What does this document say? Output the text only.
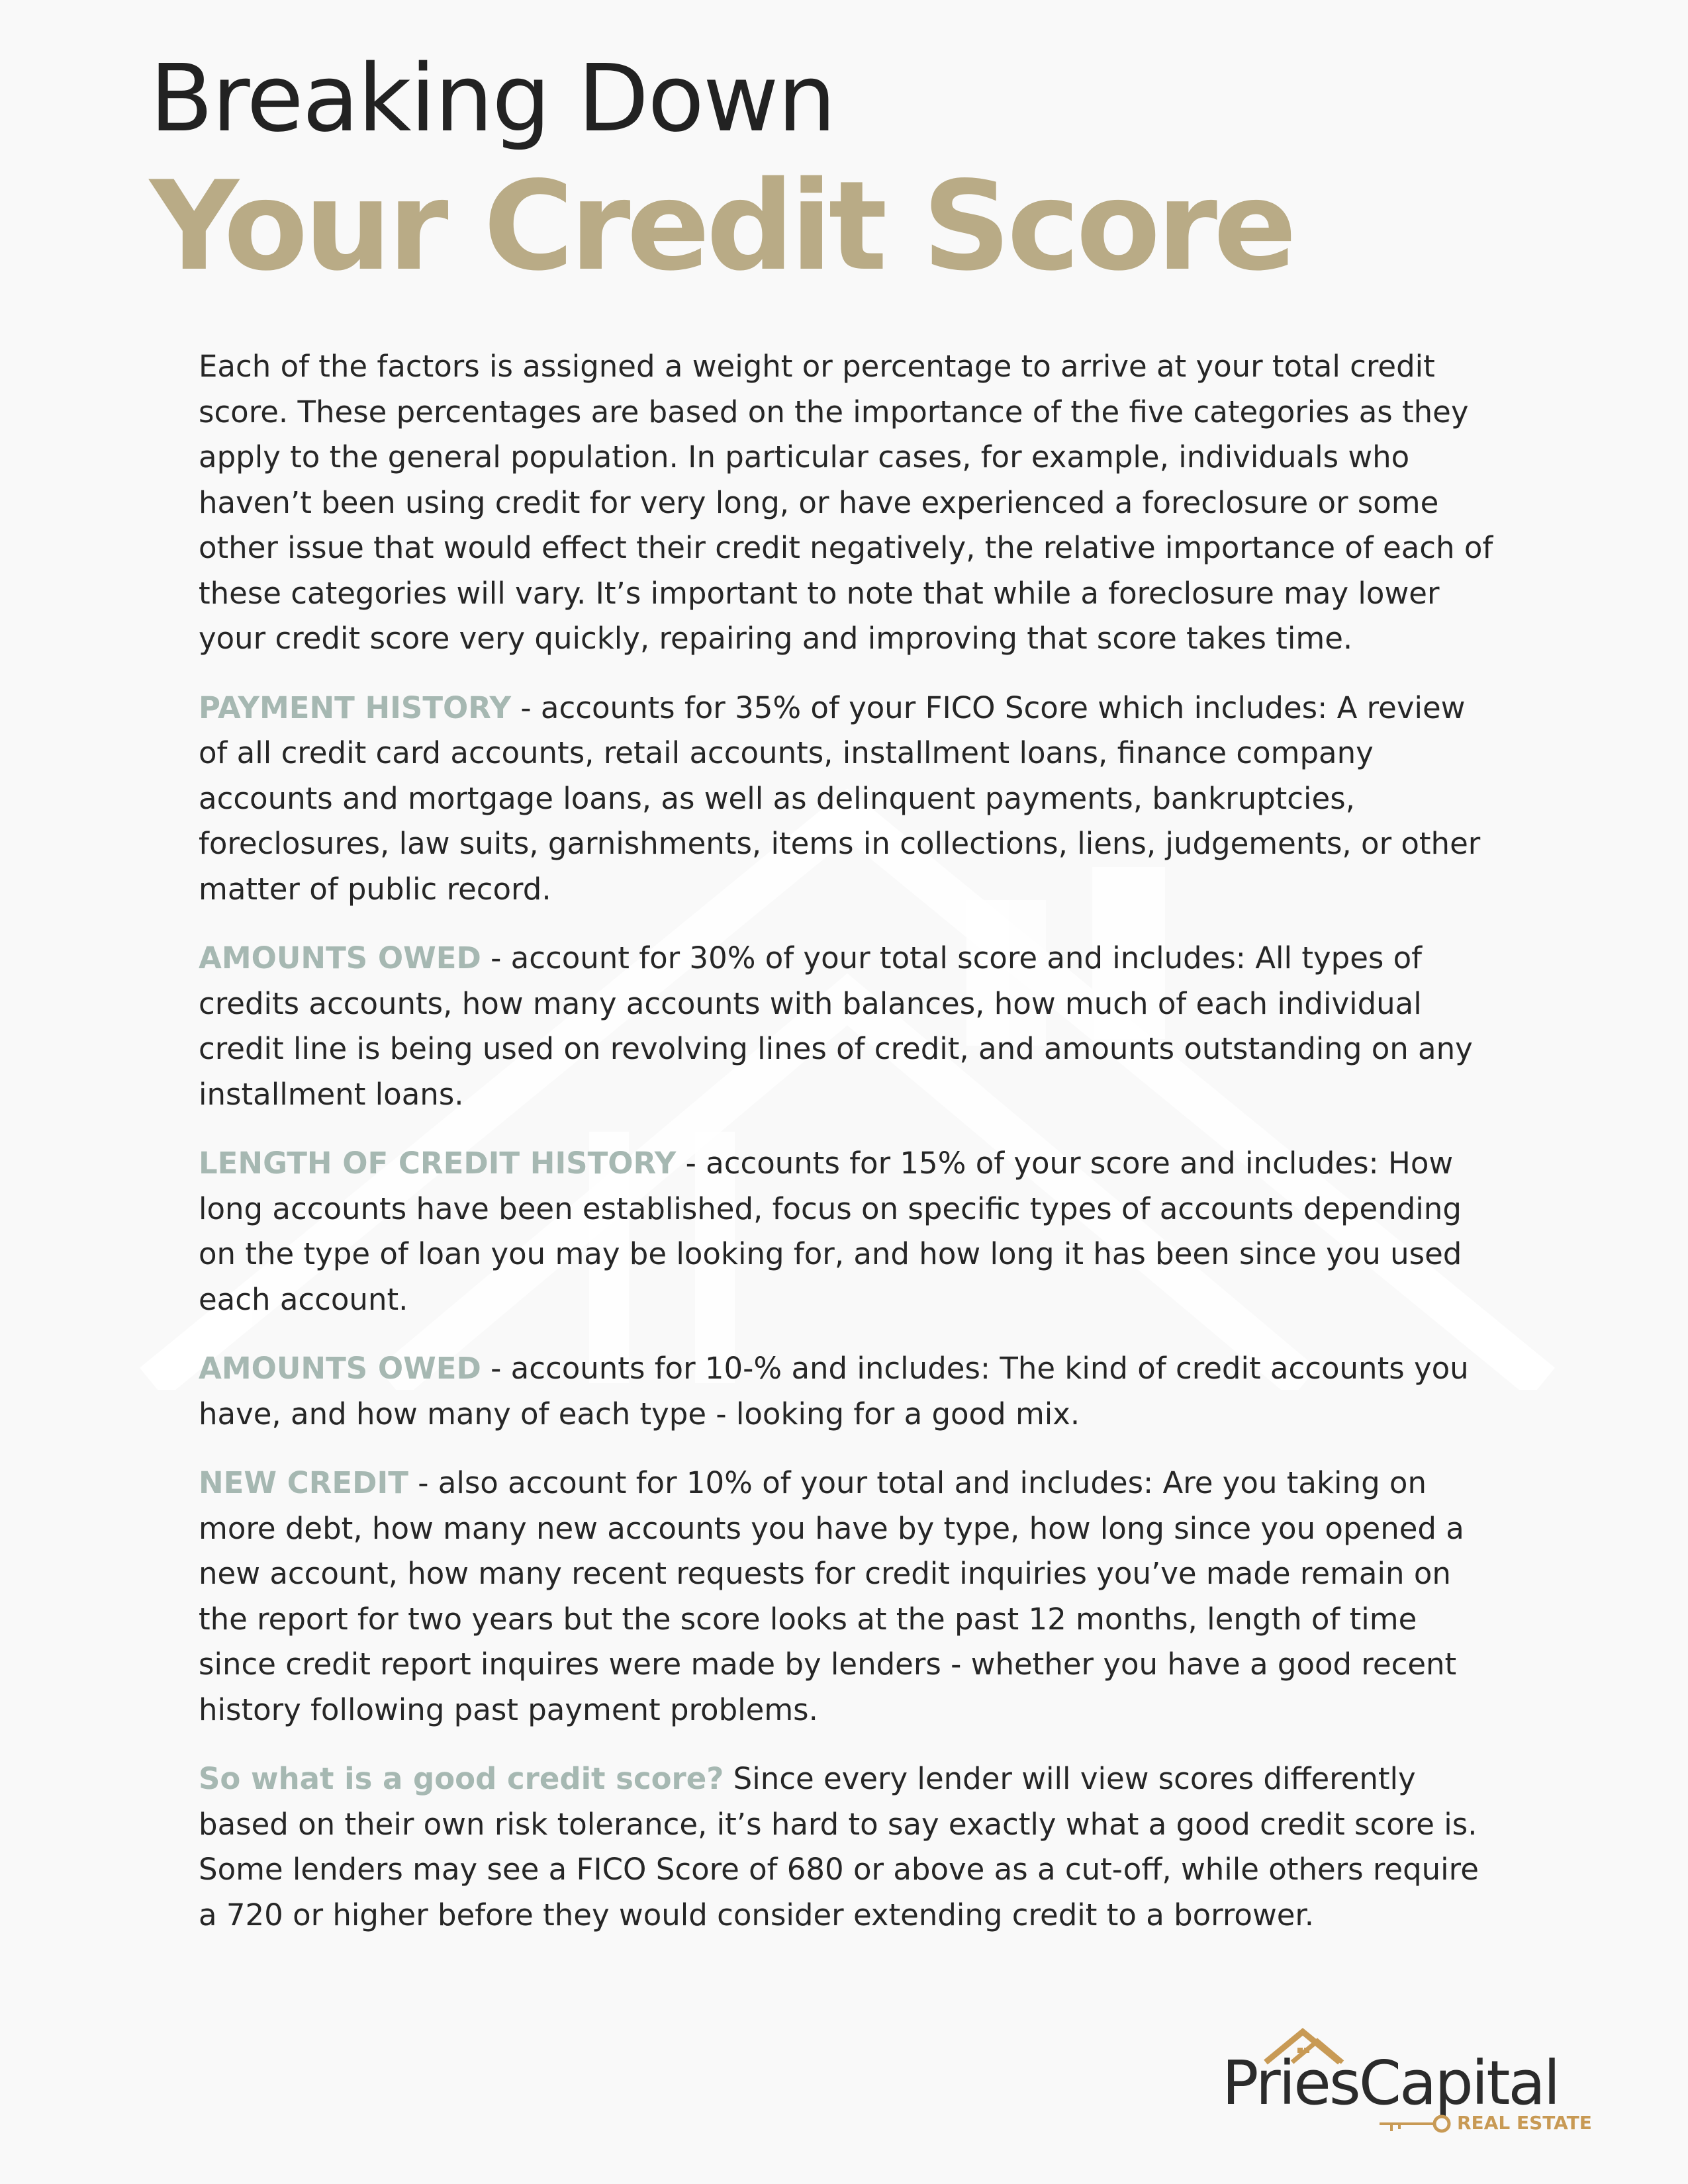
Breaking Down
Your Credit Score

Each of the factors is assigned a weight or percentage to arrive at your total credit score. These percentages are based on the importance of the five categories as they apply to the general population. In particular cases, for example, individuals who haven’t been using credit for very long, or have experienced a foreclosure or some other issue that would effect their credit negatively, the relative importance of each of these categories will vary. It’s important to note that while a foreclosure may lower your credit score very quickly, repairing and improving that score takes time.

PAYMENT HISTORY - accounts for 35% of your FICO Score which includes: A review of all credit card accounts, retail accounts, installment loans, finance company accounts and mortgage loans, as well as delinquent payments, bankruptcies, foreclosures, law suits, garnishments, items in collections, liens, judgements, or other matter of public record.

AMOUNTS OWED - account for 30% of your total score and includes: All types of credits accounts, how many accounts with balances, how much of each individual credit line is being used on revolving lines of credit, and amounts outstanding on any installment loans.

LENGTH OF CREDIT HISTORY - accounts for 15% of your score and includes: How long accounts have been established, focus on specific types of accounts depending on the type of loan you may be looking for, and how long it has been since you used each account.

AMOUNTS OWED - accounts for 10-% and includes: The kind of credit accounts you have, and how many of each type - looking for a good mix.

NEW CREDIT - also account for 10% of your total and includes: Are you taking on more debt, how many new accounts you have by type, how long since you opened a new account, how many recent requests for credit inquiries you’ve made remain on the report for two years but the score looks at the past 12 months, length of time since credit report inquires were made by lenders - whether you have a good recent history following past payment problems.

So what is a good credit score? Since every lender will view scores differently based on their own risk tolerance, it’s hard to say exactly what a good credit score is. Some lenders may see a FICO Score of 680 or above as a cut-off, while others require a 720 or higher before they would consider extending credit to a borrower.

PriesCapital
REAL ESTATE
